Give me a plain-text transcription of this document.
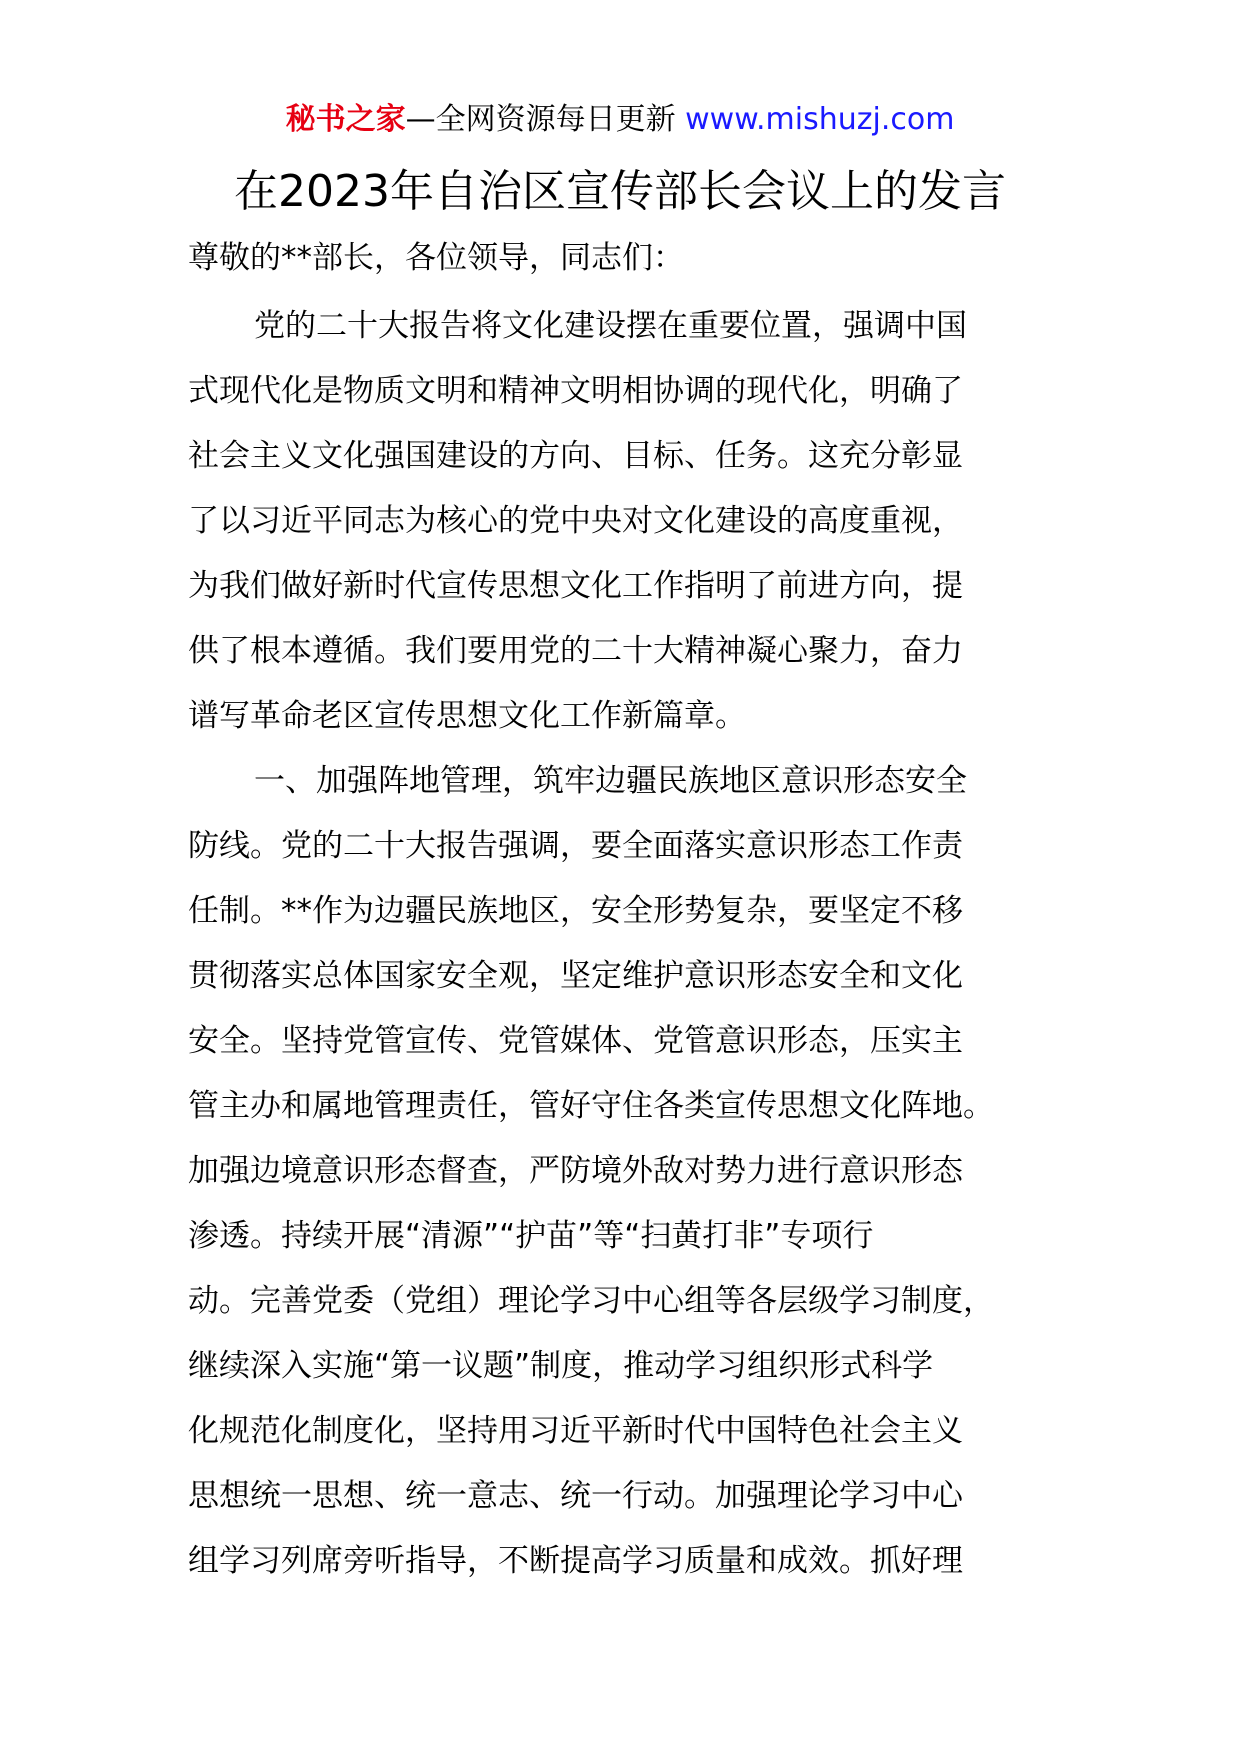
秘书之家—全网资源每日更新 www.mishuzj.com
在2023年自治区宣传部长会议上的发言
尊敬的**部长，各位领导，同志们：

党的二十大报告将文化建设摆在重要位置，强调中国
式现代化是物质文明和精神文明相协调的现代化，明确了
社会主义文化强国建设的方向、目标、任务。这充分彰显
了以习近平同志为核心的党中央对文化建设的高度重视，
为我们做好新时代宣传思想文化工作指明了前进方向，提
供了根本遵循。我们要用党的二十大精神凝心聚力，奋力
谱写革命老区宣传思想文化工作新篇章。

一、加强阵地管理，筑牢边疆民族地区意识形态安全
防线。党的二十大报告强调，要全面落实意识形态工作责
任制。**作为边疆民族地区，安全形势复杂，要坚定不移
贯彻落实总体国家安全观，坚定维护意识形态安全和文化
安全。坚持党管宣传、党管媒体、党管意识形态，压实主
管主办和属地管理责任，管好守住各类宣传思想文化阵地。
加强边境意识形态督查，严防境外敌对势力进行意识形态
渗透。持续开展“清源”“护苗”等“扫黄打非”专项行
动。完善党委（党组）理论学习中心组等各层级学习制度，
继续深入实施“第一议题”制度，推动学习组织形式科学
化规范化制度化，坚持用习近平新时代中国特色社会主义
思想统一思想、统一意志、统一行动。加强理论学习中心
组学习列席旁听指导，不断提高学习质量和成效。抓好理
